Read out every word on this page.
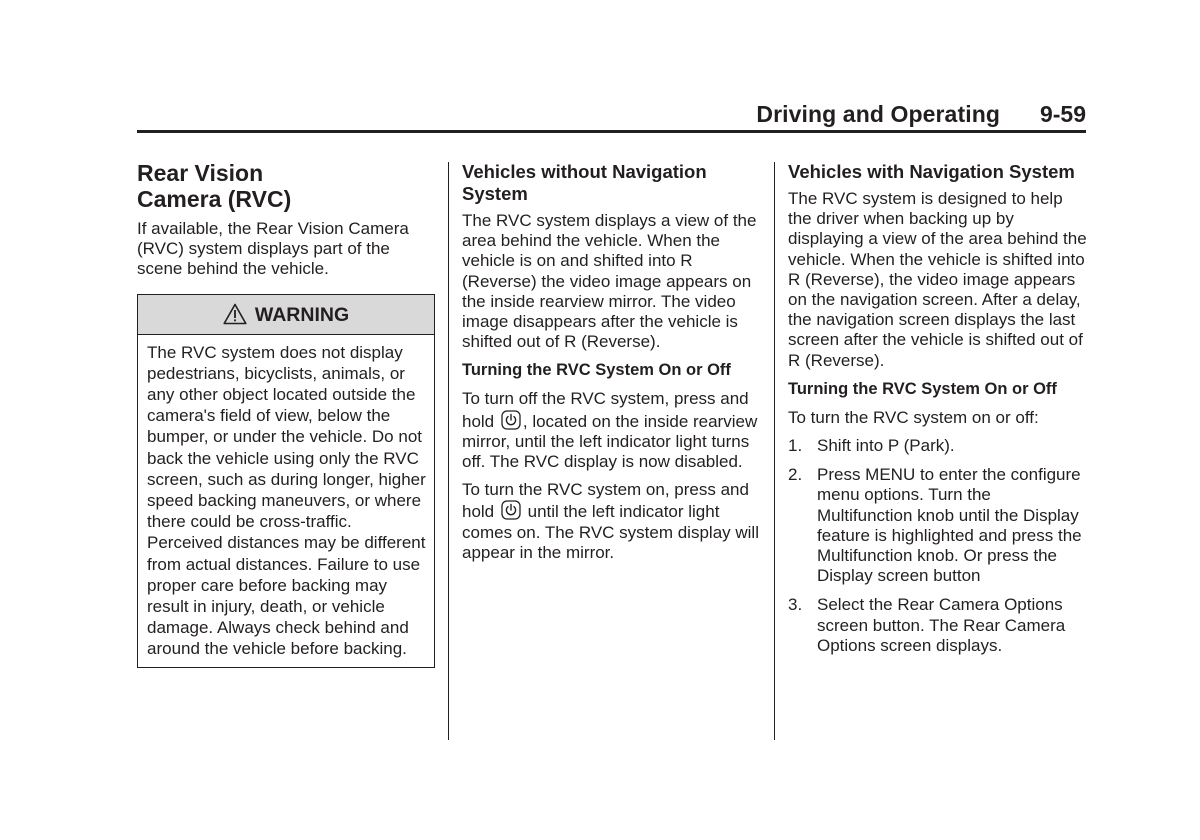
Driving and Operating 9-59
Rear Vision
Camera (RVC)

If available, the Rear Vision Camera (RVC) system displays part of the scene behind the vehicle.

WARNING
The RVC system does not display pedestrians, bicyclists, animals, or any other object located outside the camera's field of view, below the bumper, or under the vehicle. Do not back the vehicle using only the RVC screen, such as during longer, higher speed backing maneuvers, or where there could be cross-traffic. Perceived distances may be different from actual distances. Failure to use proper care before backing may result in injury, death, or vehicle damage. Always check behind and around the vehicle before backing.
Vehicles without Navigation System

The RVC system displays a view of the area behind the vehicle. When the vehicle is on and shifted into R (Reverse) the video image appears on the inside rearview mirror. The video image disappears after the vehicle is shifted out of R (Reverse).

Turning the RVC System On or Off

To turn off the RVC system, press and hold , located on the inside rearview mirror, until the left indicator light turns off. The RVC display is now disabled.

To turn the RVC system on, press and hold until the left indicator light comes on. The RVC system display will appear in the mirror.

Vehicles with Navigation System

The RVC system is designed to help the driver when backing up by displaying a view of the area behind the vehicle. When the vehicle is shifted into R (Reverse), the video image appears on the navigation screen. After a delay, the navigation screen displays the last screen after the vehicle is shifted out of R (Reverse).

Turning the RVC System On or Off

To turn the RVC system on or off:

1. Shift into P (Park).
2. Press MENU to enter the configure menu options. Turn the Multifunction knob until the Display feature is highlighted and press the Multifunction knob. Or press the Display screen button
3. Select the Rear Camera Options screen button. The Rear Camera Options screen displays.
